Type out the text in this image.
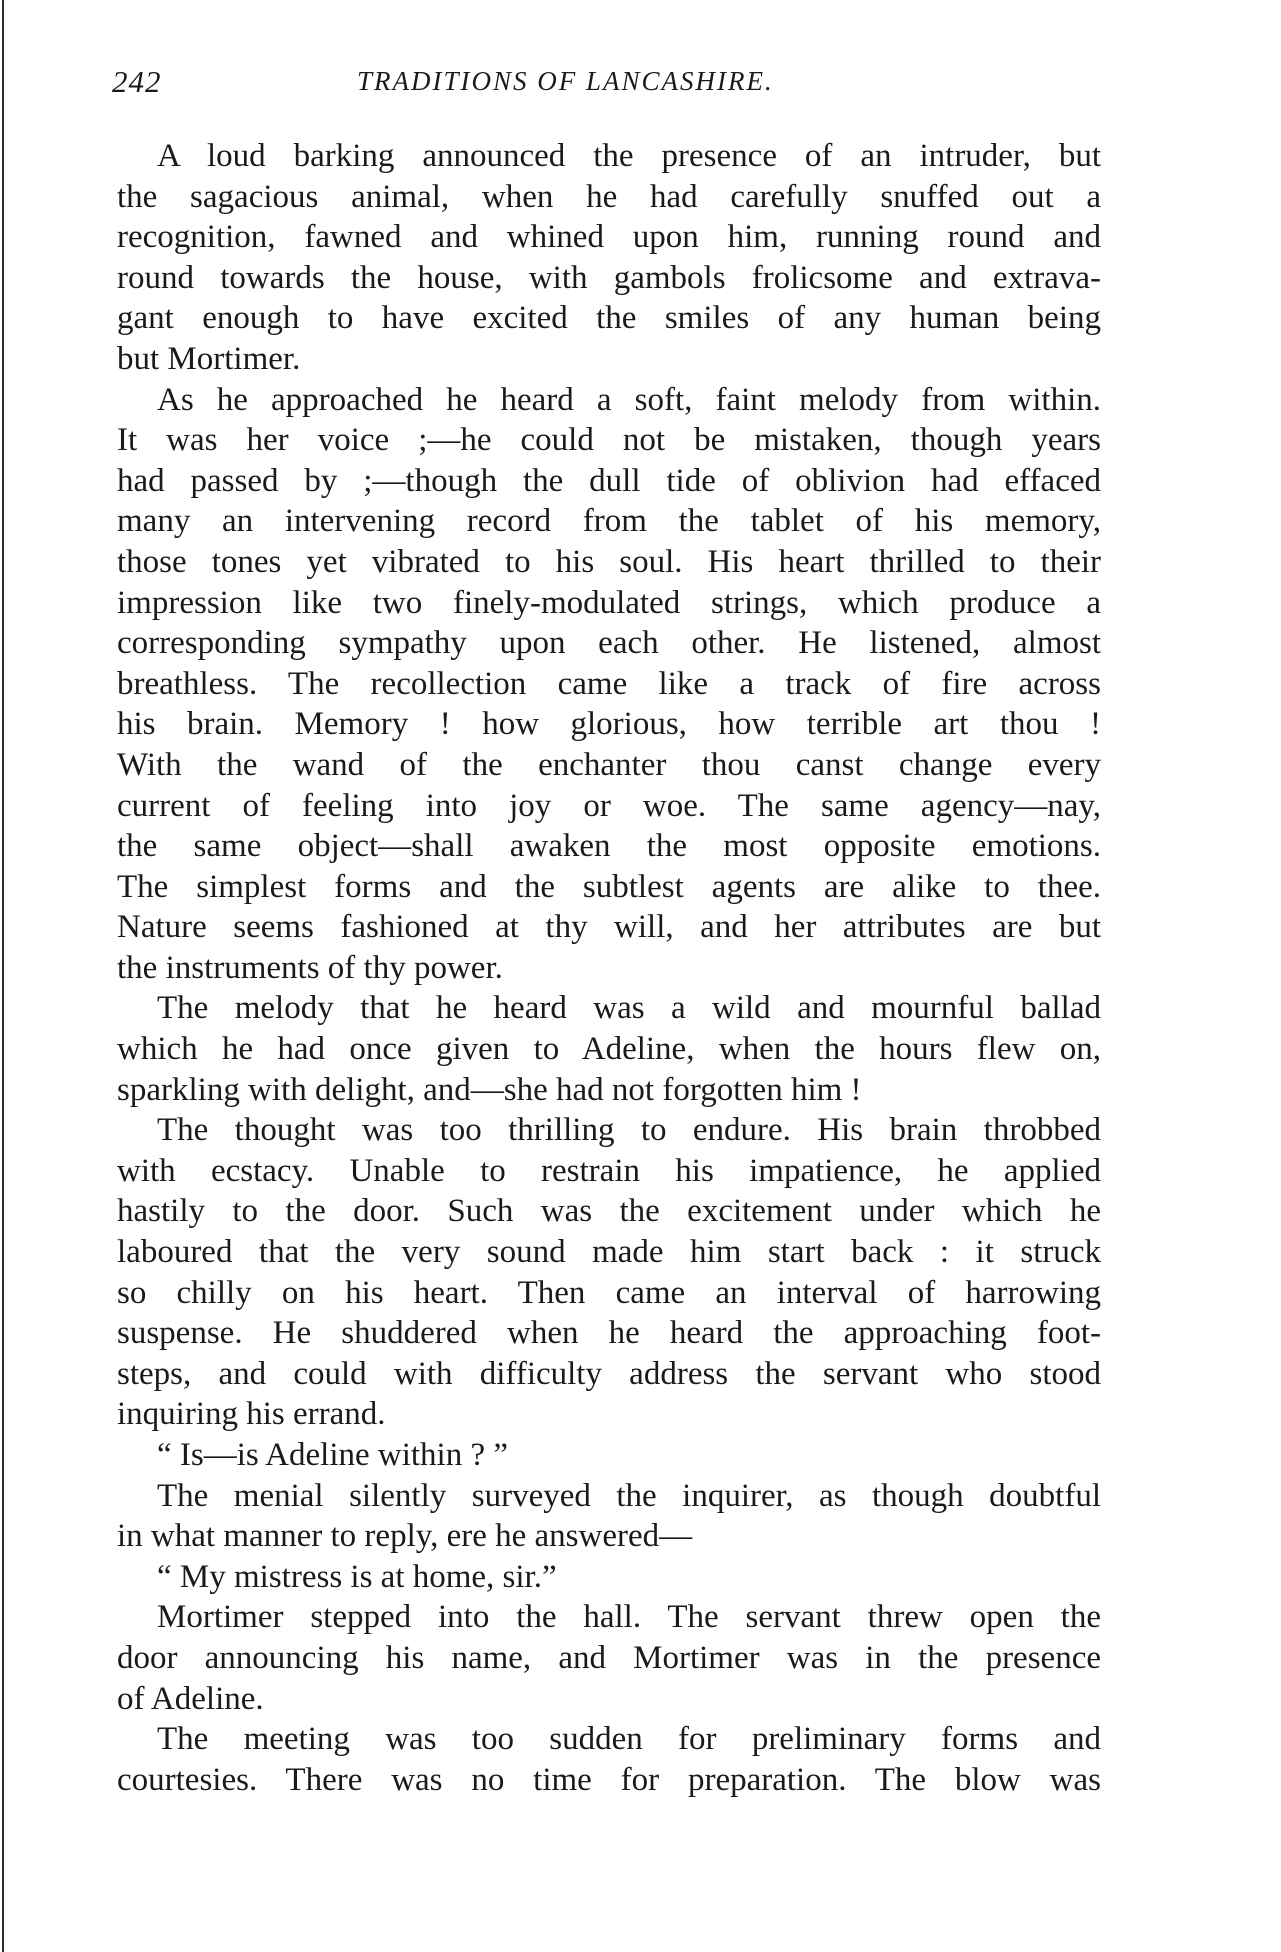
242	TRADITIONS OF LANCASHIRE.
A loud barking announced the presence of an intruder, but
the sagacious animal, when he had carefully snuffed out a
recognition, fawned and whined upon him, running round and
round towards the house, with gambols frolicsome and extrava-
gant enough to have excited the smiles of any human being
but Mortimer.
As he approached he heard a soft, faint melody from within.
It was her voice ;—he could not be mistaken, though years
had passed by ;—though the dull tide of oblivion had effaced
many an intervening record from the tablet of his memory,
those tones yet vibrated to his soul. His heart thrilled to their
impression like two finely-modulated strings, which produce a
corresponding sympathy upon each other. He listened, almost
breathless. The recollection came like a track of fire across
his brain. Memory ! how glorious, how terrible art thou !
With the wand of the enchanter thou canst change every
current of feeling into joy or woe. The same agency—nay,
the same object—shall awaken the most opposite emotions.
The simplest forms and the subtlest agents are alike to thee.
Nature seems fashioned at thy will, and her attributes are but
the instruments of thy power.
The melody that he heard was a wild and mournful ballad
which he had once given to Adeline, when the hours flew on,
sparkling with delight, and—she had not forgotten him !
The thought was too thrilling to endure. His brain throbbed
with ecstacy. Unable to restrain his impatience, he applied
hastily to the door. Such was the excitement under which he
laboured that the very sound made him start back : it struck
so chilly on his heart. Then came an interval of harrowing
suspense. He shuddered when he heard the approaching foot-
steps, and could with difficulty address the servant who stood
inquiring his errand.
“ Is—is Adeline within ? ”
The menial silently surveyed the inquirer, as though doubtful
in what manner to reply, ere he answered—
“ My mistress is at home, sir.”
Mortimer stepped into the hall. The servant threw open the
door announcing his name, and Mortimer was in the presence
of Adeline.
The meeting was too sudden for preliminary forms and
courtesies. There was no time for preparation. The blow was
